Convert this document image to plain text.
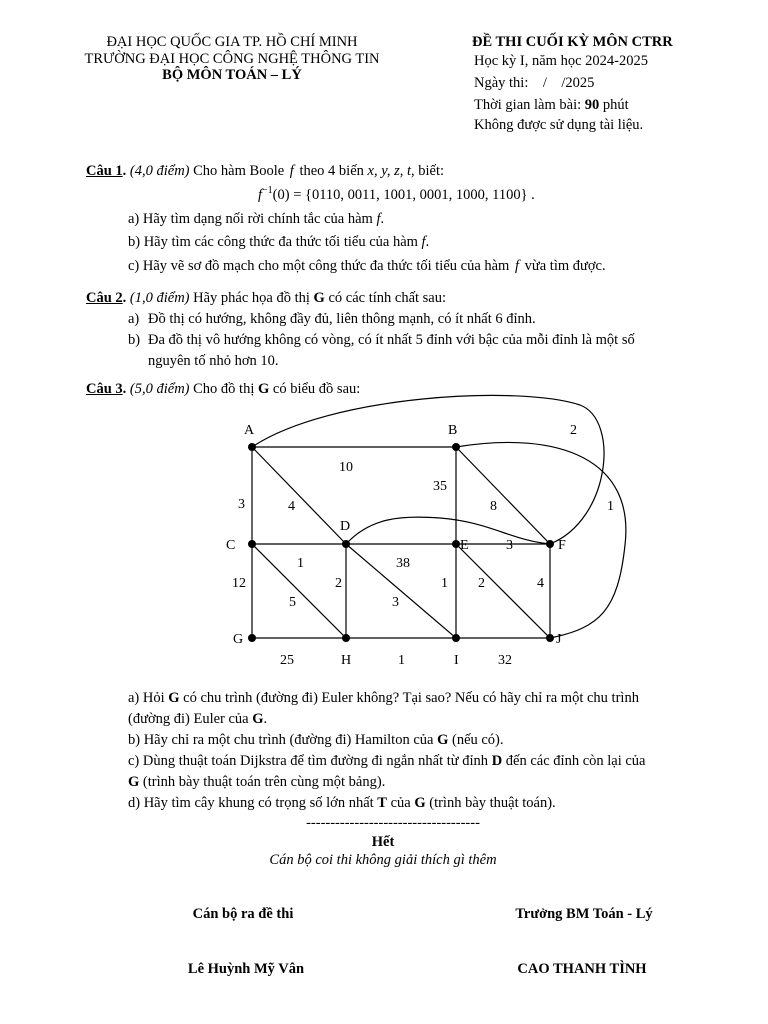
ĐẠI HỌC QUỐC GIA TP. HỒ CHÍ MINH
TRƯỜNG ĐẠI HỌC CÔNG NGHỆ THÔNG TIN
BỘ MÔN TOÁN – LÝ
ĐỀ THI CUỐI KỲ MÔN CTRR
Học kỳ I, năm học 2024-2025
Ngày thi:    /    /2025
Thời gian làm bài: 90 phút
Không được sử dụng tài liệu.
Câu 1. (4,0 điểm) Cho hàm Boole f theo 4 biến x, y, z, t, biết:
$f^{-1}(0) = \{0110$, 0011, 1001, 0001, 1000, 1100} .
a) Hãy tìm dạng nối rời chính tắc của hàm f.
b) Hãy tìm các công thức đa thức tối tiểu của hàm f.
c) Hãy vẽ sơ đồ mạch cho một công thức đa thức tối tiểu của hàm f vừa tìm được.
Câu 2. (1,0 điểm) Hãy phác họa đồ thị G có các tính chất sau:
a) Đồ thị có hướng, không đầy đủ, liên thông mạnh, có ít nhất 6 đỉnh.
b) Đa đồ thị vô hướng không có vòng, có ít nhất 5 đỉnh với bậc của mỗi đỉnh là một số
nguyên tố nhỏ hơn 10.
Câu 3. (5,0 điểm) Cho đồ thị G có biểu đồ sau:
A	B
C
D
E	F
G
H	I
J
10
3	4
35
8	1
2
1
5
12	2
38
3
3
1 2	4
25	1	32
a) Hỏi G có chu trình (đường đi) Euler không? Tại sao? Nếu có hãy chỉ ra một chu trình
(đường đi) Euler của G.
b) Hãy chỉ ra một chu trình (đường đi) Hamilton của G (nếu có).
c) Dùng thuật toán Dijkstra để tìm đường đi ngắn nhất từ đỉnh D đến các đỉnh còn lại của
G (trình bày thuật toán trên cùng một bảng).
d) Hãy tìm cây khung có trọng số lớn nhất T của G (trình bày thuật toán).
------------------------------------
Hết
Cán bộ coi thi không giải thích gì thêm
Cán bộ ra đề thi	Trưởng BM Toán - Lý
Lê Huỳnh Mỹ Vân	CAO THANH TÌNH
